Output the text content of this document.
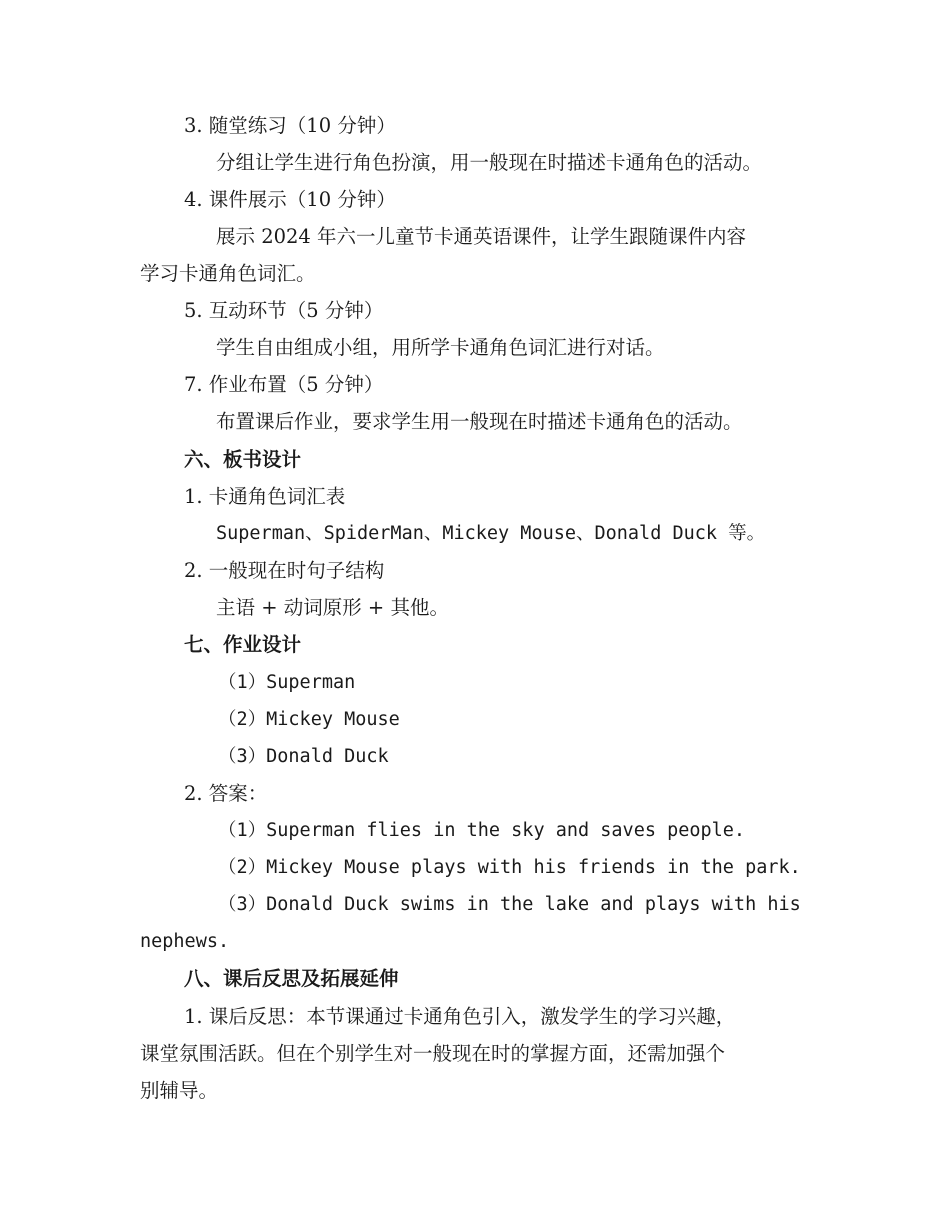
3. 随堂练习（10 分钟）
分组让学生进行角色扮演，用一般现在时描述卡通角色的活动。
4. 课件展示（10 分钟）
展示 2024 年六一儿童节卡通英语课件，让学生跟随课件内容
学习卡通角色词汇。
5. 互动环节（5 分钟）
学生自由组成小组，用所学卡通角色词汇进行对话。
7. 作业布置（5 分钟）
布置课后作业，要求学生用一般现在时描述卡通角色的活动。
六、板书设计
1. 卡通角色词汇表
Superman、SpiderMan、Mickey Mouse、Donald Duck 等。
2. 一般现在时句子结构
主语 + 动词原形 + 其他。
七、作业设计
（1）Superman
（2）Mickey Mouse
（3）Donald Duck
2. 答案：
（1）Superman flies in the sky and saves people.
（2）Mickey Mouse plays with his friends in the park.
（3）Donald Duck swims in the lake and plays with his
nephews.
八、课后反思及拓展延伸
1. 课后反思：本节课通过卡通角色引入，激发学生的学习兴趣，
课堂氛围活跃。但在个别学生对一般现在时的掌握方面，还需加强个
别辅导。
